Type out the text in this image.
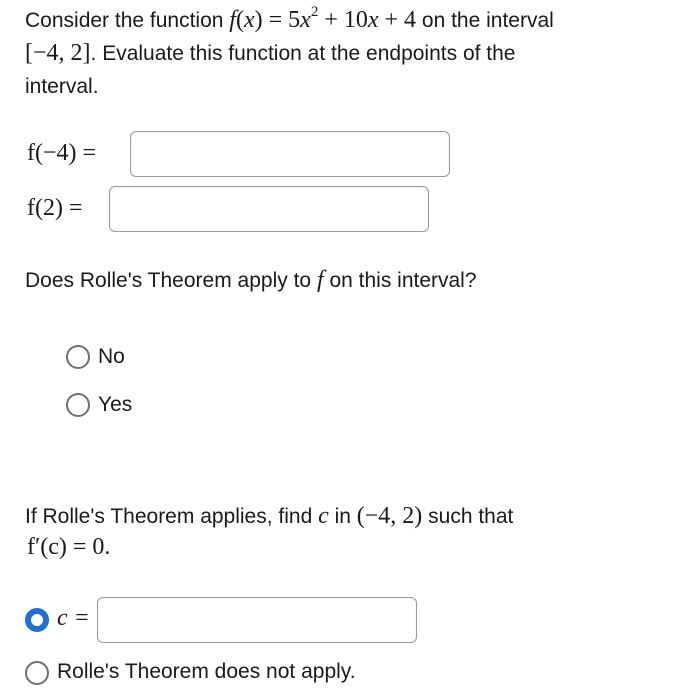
Consider the function $f(x) = 5x^2 + 10x + 4$ on the interval
[−4, 2]. Evaluate this function at the endpoints of the
interval.
f(−4) =
f(2) =
Does Rolle's Theorem apply to f on this interval?
No
Yes
If Rolle's Theorem applies, find c in (−4, 2) such that
f′(c) = 0.
c =
Rolle's Theorem does not apply.
